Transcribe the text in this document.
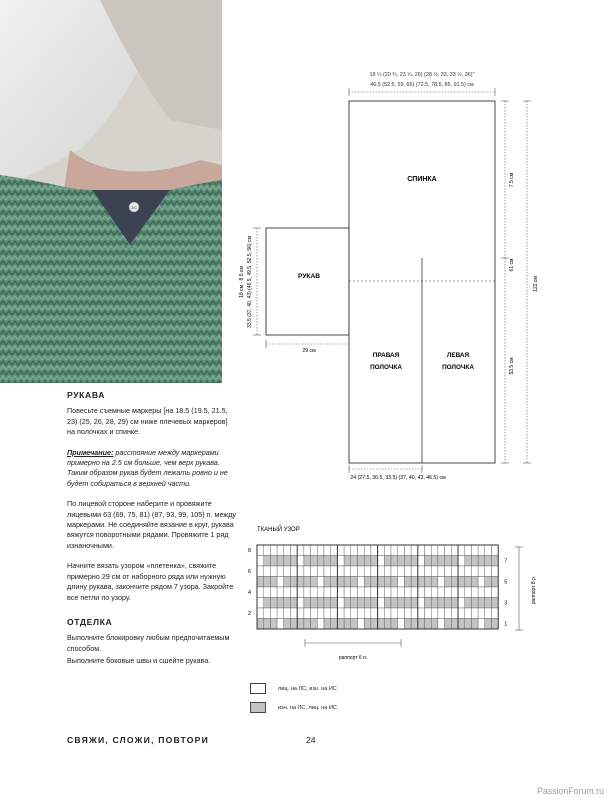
AC
18 ¼ (20 ¾, 23 ¼, 26) (28 ½, 33, 33 ½, 36)"
46.5 (52.5, 59, 66) (72.5, 78.5, 85, 91.5) см
СПИНКА
ПРАВАЯ
ПОЛОЧКА
ЛЕВАЯ
ПОЛОЧКА
РУКАВ
18 см · 8.5 см 33.5 (37, 40, 43) (46.5, 49.5, 52.5, 56) см
29 см
7.5 см
61 см
53.5 см
122 см
24 (27.5, 30.5, 33.5) (37, 40, 43, 46.5) см
ТКАНЫЙ УЗОР
8
6
4
2
7
5
3
1
раппорт 8 р.
раппорт 6 п.
лиц. на ЛС, изн. на ИС
изн. на ЛС, лиц. на ИС
РУКАВА

Повесьте съемные маркеры [на 18.5 (19.5, 21.5, 23) (25, 26, 28, 29) см ниже плечевых маркеров] на полочках и спинке.

Примечание: расстояние между маркерами примерно на 2.5 см больше, чем верх рукава. Таким образом рукав будет лежать ровно и не будет собираться в верхней части.

По лицевой стороне наберите и провяжите лицевыми 63 (69, 75, 81) (87, 93, 99, 105) п. между маркерами. Не соединяйте вязание в круг, рукава вяжутся поворотными рядами. Провяжите 1 ряд изнаночными.

Начните вязать узором «плетенка», свяжите примерно 29 см от наборного ряда или нужную длину рукава, закончите рядом 7 узора. Закройте все петли по узору.

ОТДЕЛКА

Выполните блокировку любым предпочитаемым способом.

Выполните боковые швы и сшейте рукава.

СВЯЖИ, СЛОЖИ, ПОВТОРИ	24
PassionForum.ru
